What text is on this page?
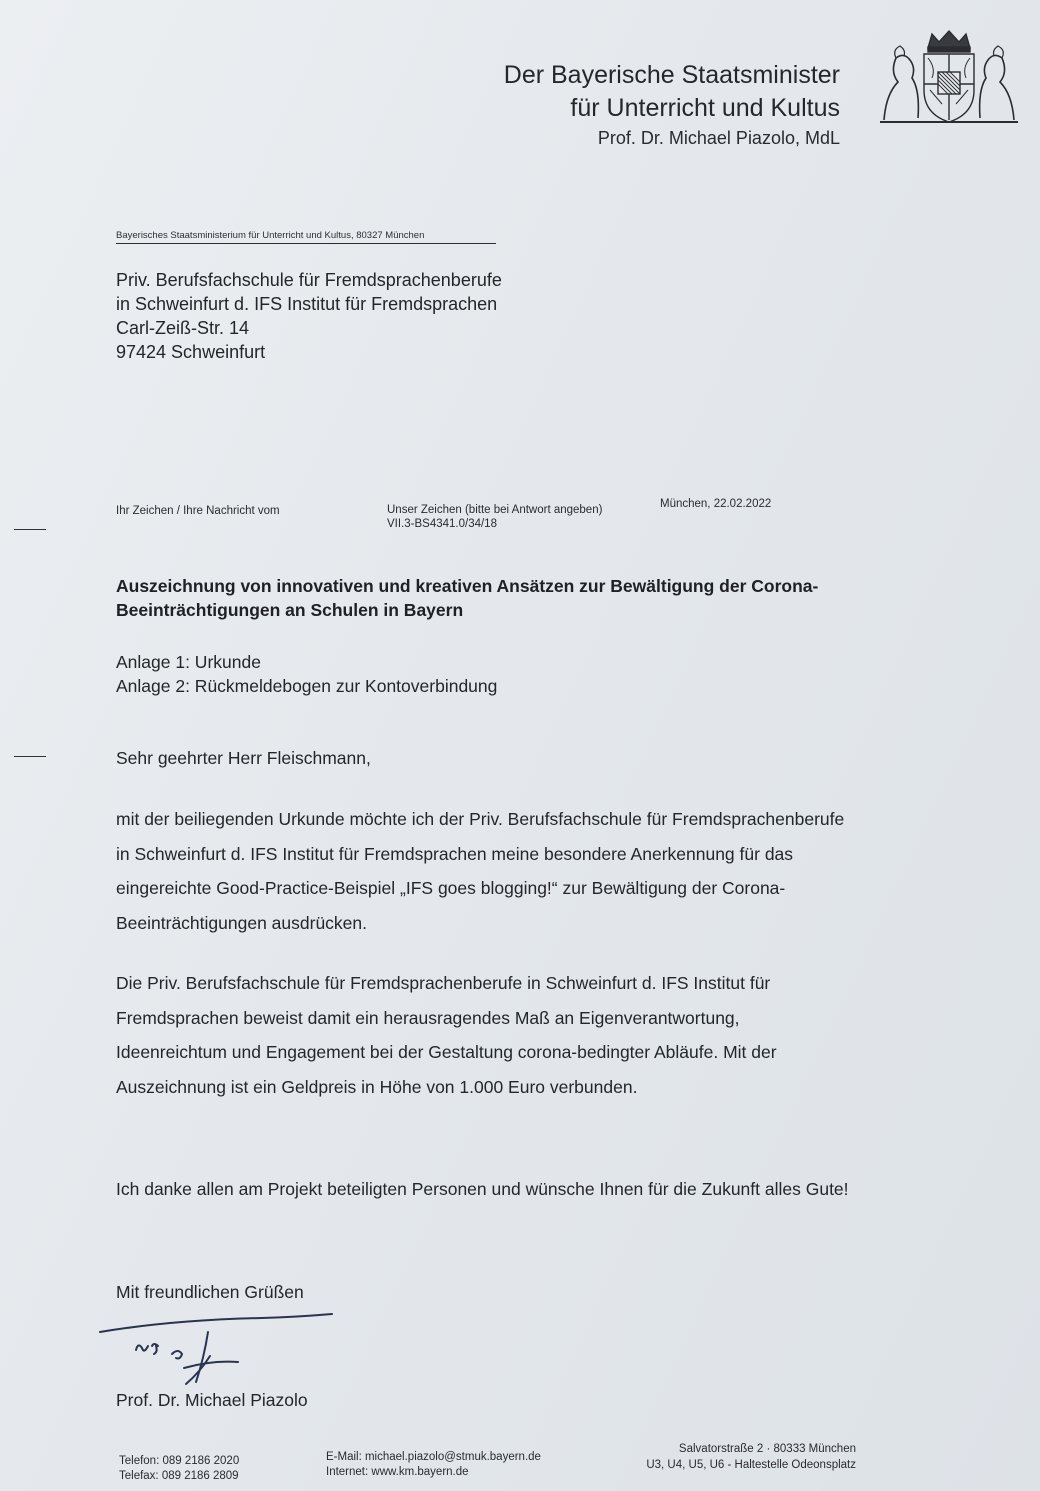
Der Bayerische Staatsminister
für Unterricht und Kultus
Prof. Dr. Michael Piazolo, MdL
Bayerisches Staatsministerium für Unterricht und Kultus, 80327 München
Priv. Berufsfachschule für Fremdsprachenberufe
in Schweinfurt d. IFS Institut für Fremdsprachen
Carl-Zeiß-Str. 14
97424 Schweinfurt
Ihr Zeichen / Ihre Nachricht vom	Unser Zeichen (bitte bei Antwort angeben)
VII.3-BS4341.0/34/18
München, 22.02.2022
Auszeichnung von innovativen und kreativen Ansätzen zur Bewältigung der Corona-Beeinträchtigungen an Schulen in Bayern
Anlage 1: Urkunde
Anlage 2: Rückmeldebogen zur Kontoverbindung
Sehr geehrter Herr Fleischmann,
mit der beiliegenden Urkunde möchte ich der Priv. Berufsfachschule für Fremdsprachenberufe in Schweinfurt d. IFS Institut für Fremdsprachen meine besondere Anerkennung für das eingereichte Good-Practice-Beispiel „IFS goes blogging!“ zur Bewältigung der Corona-Beeinträchtigungen ausdrücken.
Die Priv. Berufsfachschule für Fremdsprachenberufe in Schweinfurt d. IFS Institut für Fremdsprachen beweist damit ein herausragendes Maß an Eigenverantwortung, Ideenreichtum und Engagement bei der Gestaltung corona-bedingter Abläufe. Mit der Auszeichnung ist ein Geldpreis in Höhe von 1.000 Euro verbunden.
Ich danke allen am Projekt beteiligten Personen und wünsche Ihnen für die Zukunft alles Gute!
Mit freundlichen Grüßen
Prof. Dr. Michael Piazolo
Telefon: 089 2186 2020
Telefax: 089 2186 2809
E-Mail: michael.piazolo@stmuk.bayern.de
Internet: www.km.bayern.de
Salvatorstraße 2 · 80333 München
U3, U4, U5, U6 - Haltestelle Odeonsplatz
